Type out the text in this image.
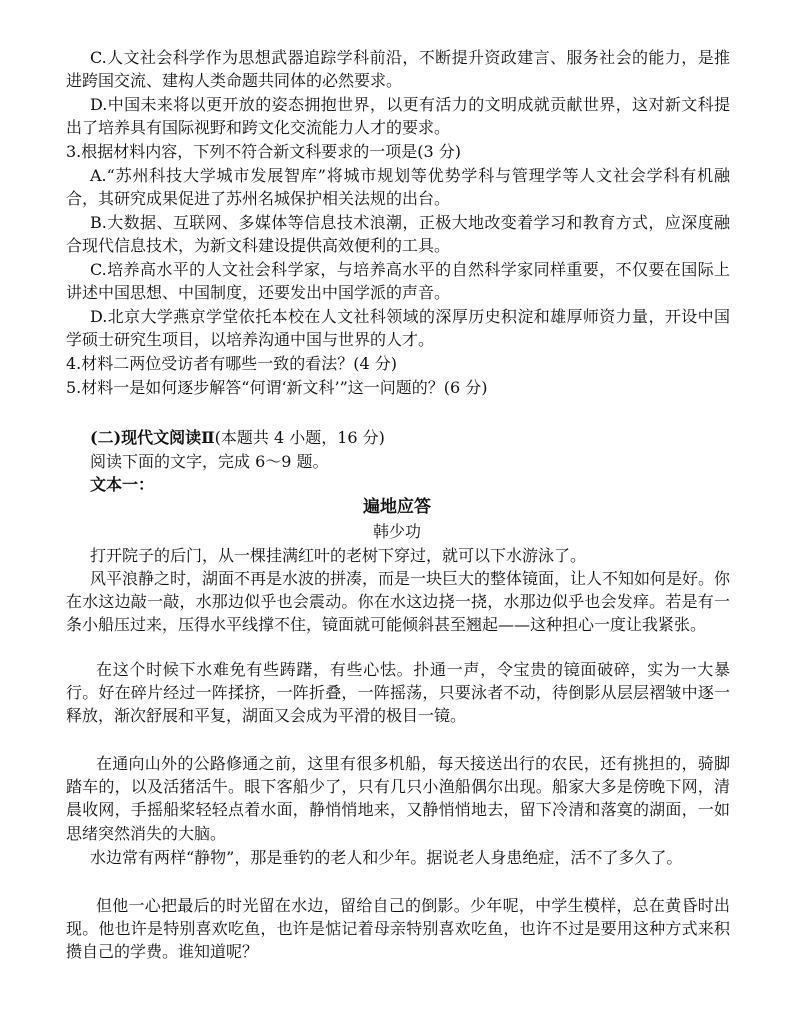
C.人文社会科学作为思想武器追踪学科前沿，不断提升资政建言、服务社会的能力，是推进跨国交流、建构人类命题共同体的必然要求。

D.中国未来将以更开放的姿态拥抱世界，以更有活力的文明成就贡献世界，这对新文科提出了培养具有国际视野和跨文化交流能力人才的要求。

3.根据材料内容，下列不符合新文科要求的一项是(3 分)

A.“苏州科技大学城市发展智库”将城市规划等优势学科与管理学等人文社会学科有机融合，其研究成果促进了苏州名城保护相关法规的出台。

B.大数据、互联网、多媒体等信息技术浪潮，正极大地改变着学习和教育方式，应深度融合现代信息技术，为新文科建设提供高效便利的工具。

C.培养高水平的人文社会科学家，与培养高水平的自然科学家同样重要，不仅要在国际上讲述中国思想、中国制度，还要发出中国学派的声音。

D.北京大学燕京学堂依托本校在人文社科领域的深厚历史积淀和雄厚师资力量，开设中国学硕士研究生项目，以培养沟通中国与世界的人才。

4.材料二两位受访者有哪些一致的看法？(4 分)

5.材料一是如何逐步解答“何谓‘新文科’”这一问题的？(6 分)

(二)现代文阅读Ⅱ(本题共 4 小题，16 分)

阅读下面的文字，完成 6～9 题。

文本一：

遍地应答

韩少功

打开院子的后门，从一棵挂满红叶的老树下穿过，就可以下水游泳了。

风平浪静之时，湖面不再是水波的拼凑，而是一块巨大的整体镜面，让人不知如何是好。你在水这边敲一敲，水那边似乎也会震动。你在水这边挠一挠，水那边似乎也会发痒。若是有一条小船压过来，压得水平线撑不住，镜面就可能倾斜甚至翘起——这种担心一度让我紧张。

在这个时候下水难免有些踌躇，有些心怯。扑通一声，令宝贵的镜面破碎，实为一大暴行。好在碎片经过一阵揉挤，一阵折叠，一阵摇荡，只要泳者不动，待倒影从层层褶皱中逐一释放，渐次舒展和平复，湖面又会成为平滑的极目一镜。

在通向山外的公路修通之前，这里有很多机船，每天接送出行的农民，还有挑担的，骑脚踏车的，以及活猪活牛。眼下客船少了，只有几只小渔船偶尔出现。船家大多是傍晚下网，清晨收网，手摇船桨轻轻点着水面，静悄悄地来，又静悄悄地去，留下冷清和落寞的湖面，一如思绪突然消失的大脑。

水边常有两样“静物”，那是垂钓的老人和少年。据说老人身患绝症，活不了多久了。

但他一心把最后的时光留在水边，留给自己的倒影。少年呢，中学生模样，总在黄昏时出现。他也许是特别喜欢吃鱼，也许是惦记着母亲特别喜欢吃鱼，也许不过是要用这种方式来积攒自己的学费。谁知道呢？
